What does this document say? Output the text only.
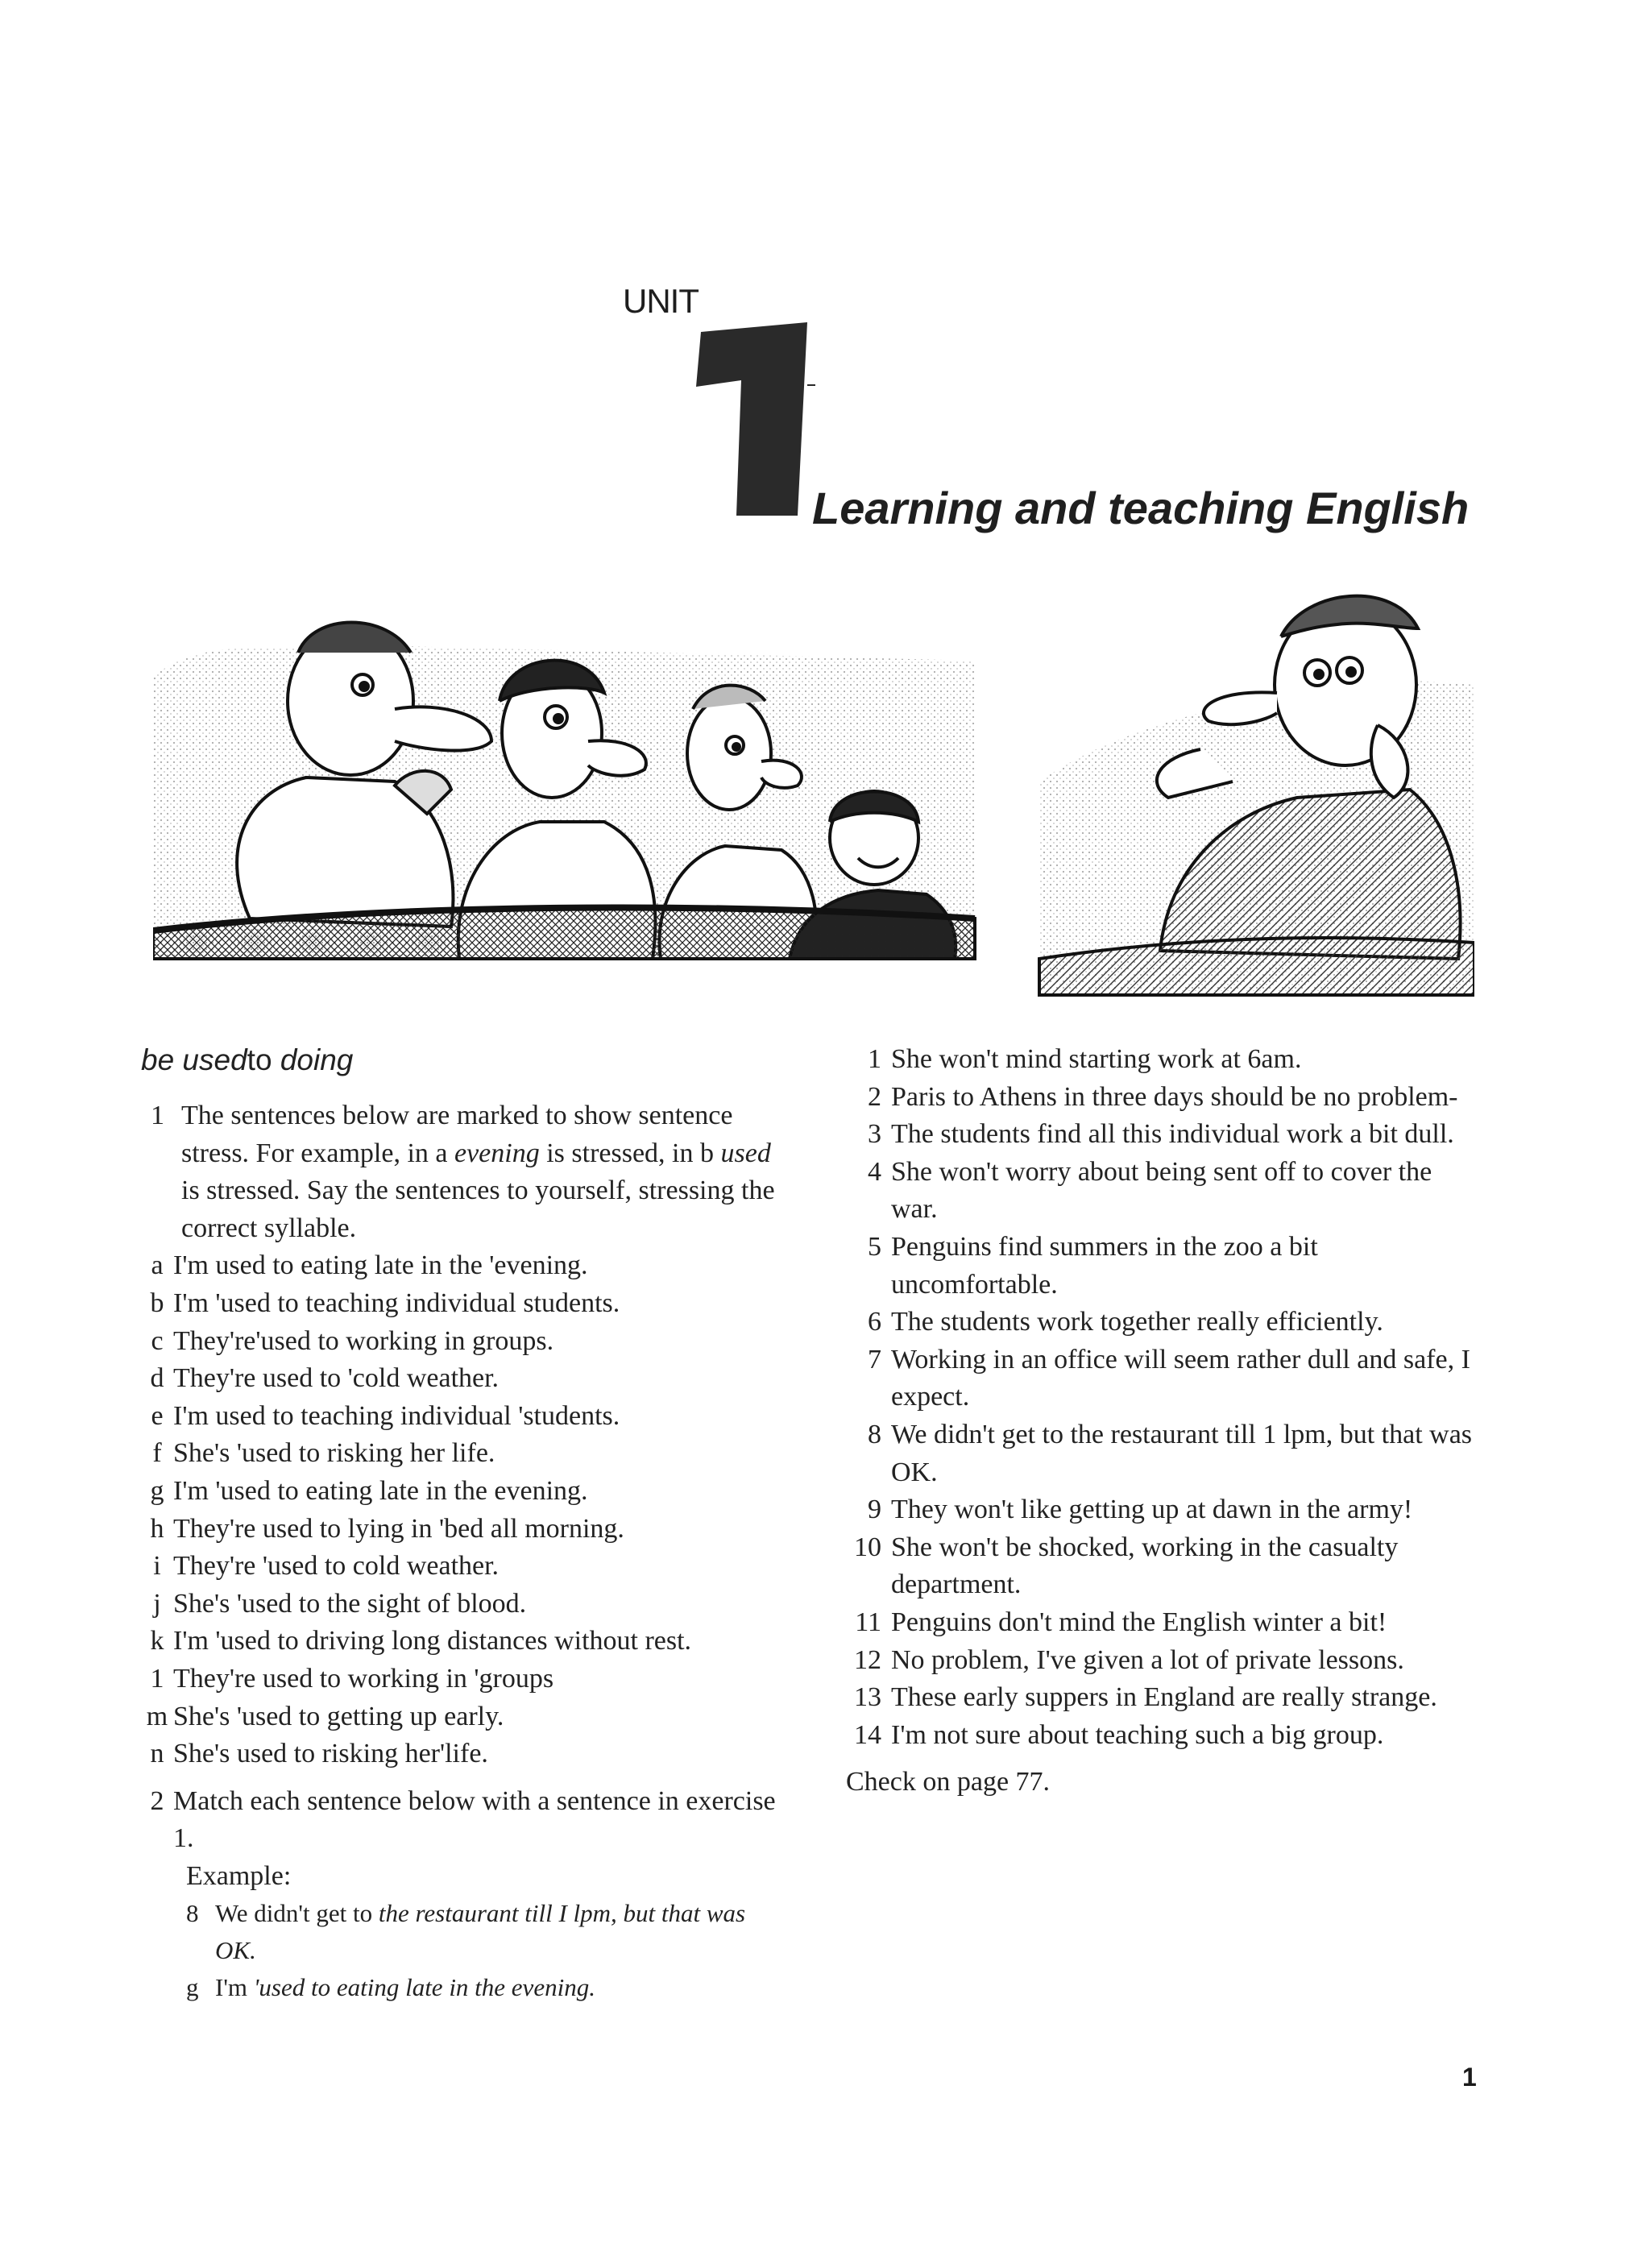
UNIT
Learning and teaching English
be usedto doing
1 The sentences below are marked to show sentence stress. For example, in a evening is stressed, in b used is stressed. Say the sentences to yourself, stressing the correct syllable.
a I'm used to eating late in the 'evening.
b I'm 'used to teaching individual students.
c They're'used to working in groups.
d They're used to 'cold weather.
e I'm used to teaching individual 'students.
f She's 'used to risking her life.
g I'm 'used to eating late in the evening.
h They're used to lying in 'bed all morning.
i They're 'used to cold weather.
j She's 'used to the sight of blood.
k I'm 'used to driving long distances without rest.
1 They're used to working in 'groups
m She's 'used to getting up early.
n She's used to risking her'life.
2 Match each sentence below with a sentence in exercise 1.
Example:
8 We didn't get to the restaurant till I lpm, but that was OK.
g I'm 'used to eating late in the evening.
1 She won't mind starting work at 6am.
2 Paris to Athens in three days should be no problem-
3 The students find all this individual work a bit dull.
4 She won't worry about being sent off to cover the war.
5 Penguins find summers in the zoo a bit uncomfortable.
6 The students work together really efficiently.
7 Working in an office will seem rather dull and safe, I expect.
8 We didn't get to the restaurant till 1 lpm, but that was OK.
9 They won't like getting up at dawn in the army!
10 She won't be shocked, working in the casualty department.
11 Penguins don't mind the English winter a bit!
12 No problem, I've given a lot of private lessons.
13 These early suppers in England are really strange.
14 I'm not sure about teaching such a big group.
Check on page 77.
1
